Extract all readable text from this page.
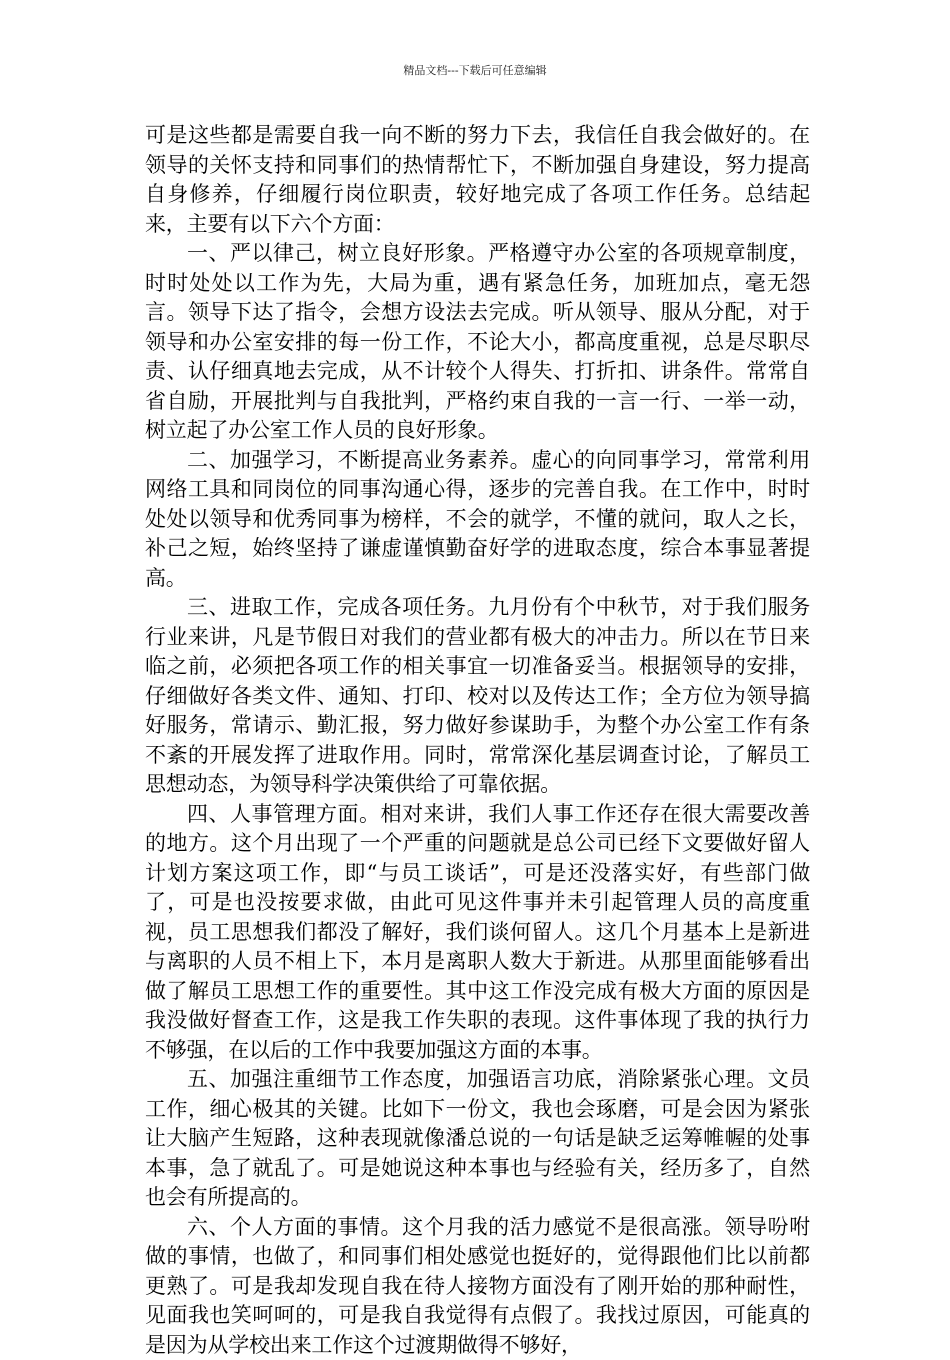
精品文档---下载后可任意编辑

可是这些都是需要自我一向不断的努力下去，我信任自我会做好的。在领导的关怀支持和同事们的热情帮忙下，不断加强自身建设，努力提高自身修养，仔细履行岗位职责，较好地完成了各项工作任务。总结起来，主要有以下六个方面：

一、严以律己，树立良好形象。严格遵守办公室的各项规章制度，时时处处以工作为先，大局为重，遇有紧急任务，加班加点，毫无怨言。领导下达了指令，会想方设法去完成。听从领导、服从分配，对于领导和办公室安排的每一份工作，不论大小，都高度重视，总是尽职尽责、认仔细真地去完成，从不计较个人得失、打折扣、讲条件。常常自省自励，开展批判与自我批判，严格约束自我的一言一行、一举一动，树立起了办公室工作人员的良好形象。

二、加强学习，不断提高业务素养。虚心的向同事学习，常常利用网络工具和同岗位的同事沟通心得，逐步的完善自我。在工作中，时时处处以领导和优秀同事为榜样，不会的就学，不懂的就问，取人之长，补己之短，始终坚持了谦虚谨慎勤奋好学的进取态度，综合本事显著提高。

三、进取工作，完成各项任务。九月份有个中秋节，对于我们服务行业来讲，凡是节假日对我们的营业都有极大的冲击力。所以在节日来临之前，必须把各项工作的相关事宜一切准备妥当。根据领导的安排，仔细做好各类文件、通知、打印、校对以及传达工作；全方位为领导搞好服务，常请示、勤汇报，努力做好参谋助手，为整个办公室工作有条不紊的开展发挥了进取作用。同时，常常深化基层调查讨论，了解员工思想动态，为领导科学决策供给了可靠依据。

四、人事管理方面。相对来讲，我们人事工作还存在很大需要改善的地方。这个月出现了一个严重的问题就是总公司已经下文要做好留人计划方案这项工作，即“与员工谈话”，可是还没落实好，有些部门做了，可是也没按要求做，由此可见这件事并未引起管理人员的高度重视，员工思想我们都没了解好，我们谈何留人。这几个月基本上是新进与离职的人员不相上下，本月是离职人数大于新进。从那里面能够看出做了解员工思想工作的重要性。其中这工作没完成有极大方面的原因是我没做好督查工作，这是我工作失职的表现。这件事体现了我的执行力不够强，在以后的工作中我要加强这方面的本事。

五、加强注重细节工作态度，加强语言功底，消除紧张心理。文员工作，细心极其的关键。比如下一份文，我也会琢磨，可是会因为紧张让大脑产生短路，这种表现就像潘总说的一句话是缺乏运筹帷幄的处事本事，急了就乱了。可是她说这种本事也与经验有关，经历多了，自然也会有所提高的。

六、个人方面的事情。这个月我的活力感觉不是很高涨。领导吩咐做的事情，也做了，和同事们相处感觉也挺好的，觉得跟他们比以前都更熟了。可是我却发现自我在待人接物方面没有了刚开始的那种耐性，见面我也笑呵呵的，可是我自我觉得有点假了。我找过原因，可能真的是因为从学校出来工作这个过渡期做得不够好，
